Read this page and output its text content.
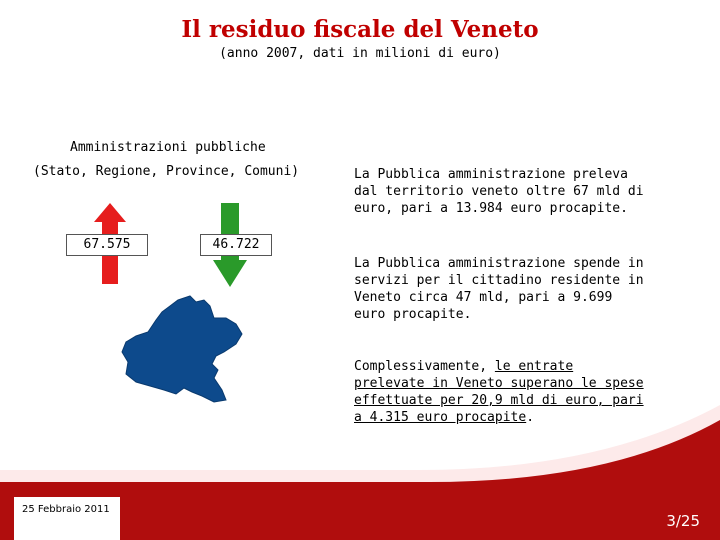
Il residuo fiscale del Veneto
(anno 2007, dati in milioni di euro)
Amministrazioni pubbliche
(Stato, Regione, Province, Comuni)
67.575	46.722
La Pubblica amministrazione preleva dal territorio veneto oltre 67 mld di euro, pari a 13.984 euro procapite.
La Pubblica amministrazione spende in servizi per il cittadino residente in Veneto circa 47 mld, pari a 9.699 euro procapite.
Complessivamente, le entrate prelevate in Veneto superano le spese effettuate per 20,9 mld di euro, pari a 4.315 euro procapite.
25 Febbraio 2011
3/25
